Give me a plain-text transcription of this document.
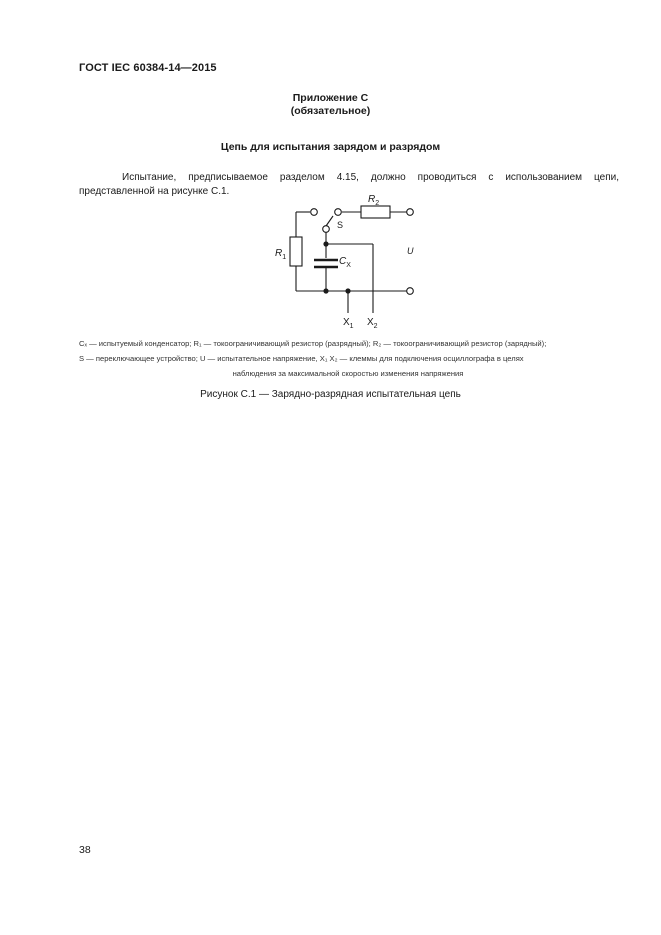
ГОСТ IEC 60384-14—2015
Приложение С
(обязательное)
Цепь для испытания зарядом и разрядом
Испытание, предписываемое разделом 4.15, должно проводиться с использованием цепи, представленной на рисунке С.1.
$R_1$
$R_2$
S
$C_X$
U
$X_1$ $X_2$

Cₓ — испытуемый конденсатор; R₁ — токоограничивающий резистор (разрядный); R₂ — токоограничивающий резистор (зарядный);

S — переключающее устройство; U — испытательное напряжение, X₁ X₂ — клеммы для подключения осциллографа в целях

наблюдения за максимальной скоростью изменения напряжения

Рисунок С.1 — Зарядно-разрядная испытательная цепь
38
